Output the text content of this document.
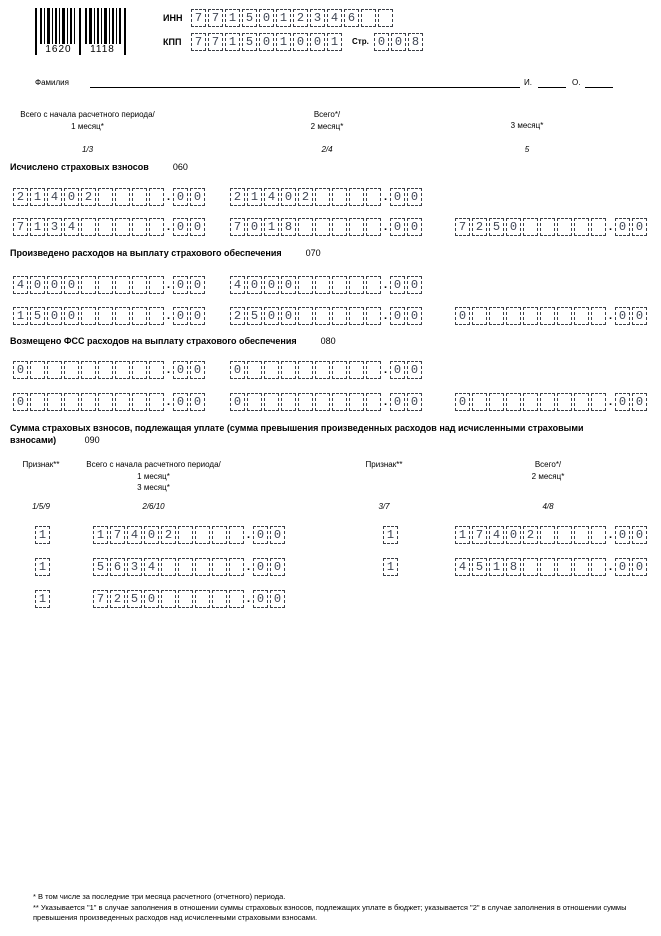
1620	1118
ИНН	7 7 1 5 0 1 2 3 4 6
КПП	7 7 1 5 0 1 0 0 1	Стр. 0 0 8
Фамилия	И.	О.
Всего с начала расчетного периода/
1 месяц*
1/3
Всего*/
2 месяц*
2/4
3 месяц*
5
Исчислено страховых взносов	060
2 1 4 0 2	. 0 0	2 1 4 0 2	. 0 0
7 1 3 4	. 0 0	7 0 1 8	. 0 0	7 2 5 0	. 0 0
Произведено расходов на выплату страхового обеспечения	070
4 0 0 0	. 0 0	4 0 0 0	. 0 0
1 5 0 0	. 0 0	2 5 0 0	. 0 0	0	. 0 0
Возмещено ФСС расходов на выплату страхового обеспечения	080
0	. 0 0	0	. 0 0
0	. 0 0	0	. 0 0	0	. 0 0
Сумма страховых взносов, подлежащая уплате (сумма превышения произведенных расходов над исчисленными страховыми взносами)	090
Признак**	Всего с начала расчетного периода/
1 месяц*
3 месяц*
Признак**	Всего*/
2 месяц*
1/5/9	2/6/10	3/7	4/8
1	1 7 4 0 2	. 0 0	1	1 7 4 0 2	. 0 0
1	5 6 3 4	. 0 0	1	4 5 1 8	. 0 0
1	7 2 5 0	. 0 0

* В том числе за последние три месяца расчетного (отчетного) периода.

** Указывается "1" в случае заполнения в отношении суммы страховых взносов, подлежащих уплате в бюджет; указывается "2" в случае заполнения в отношении суммы превышения произведенных расходов над исчисленными страховыми взносами.
